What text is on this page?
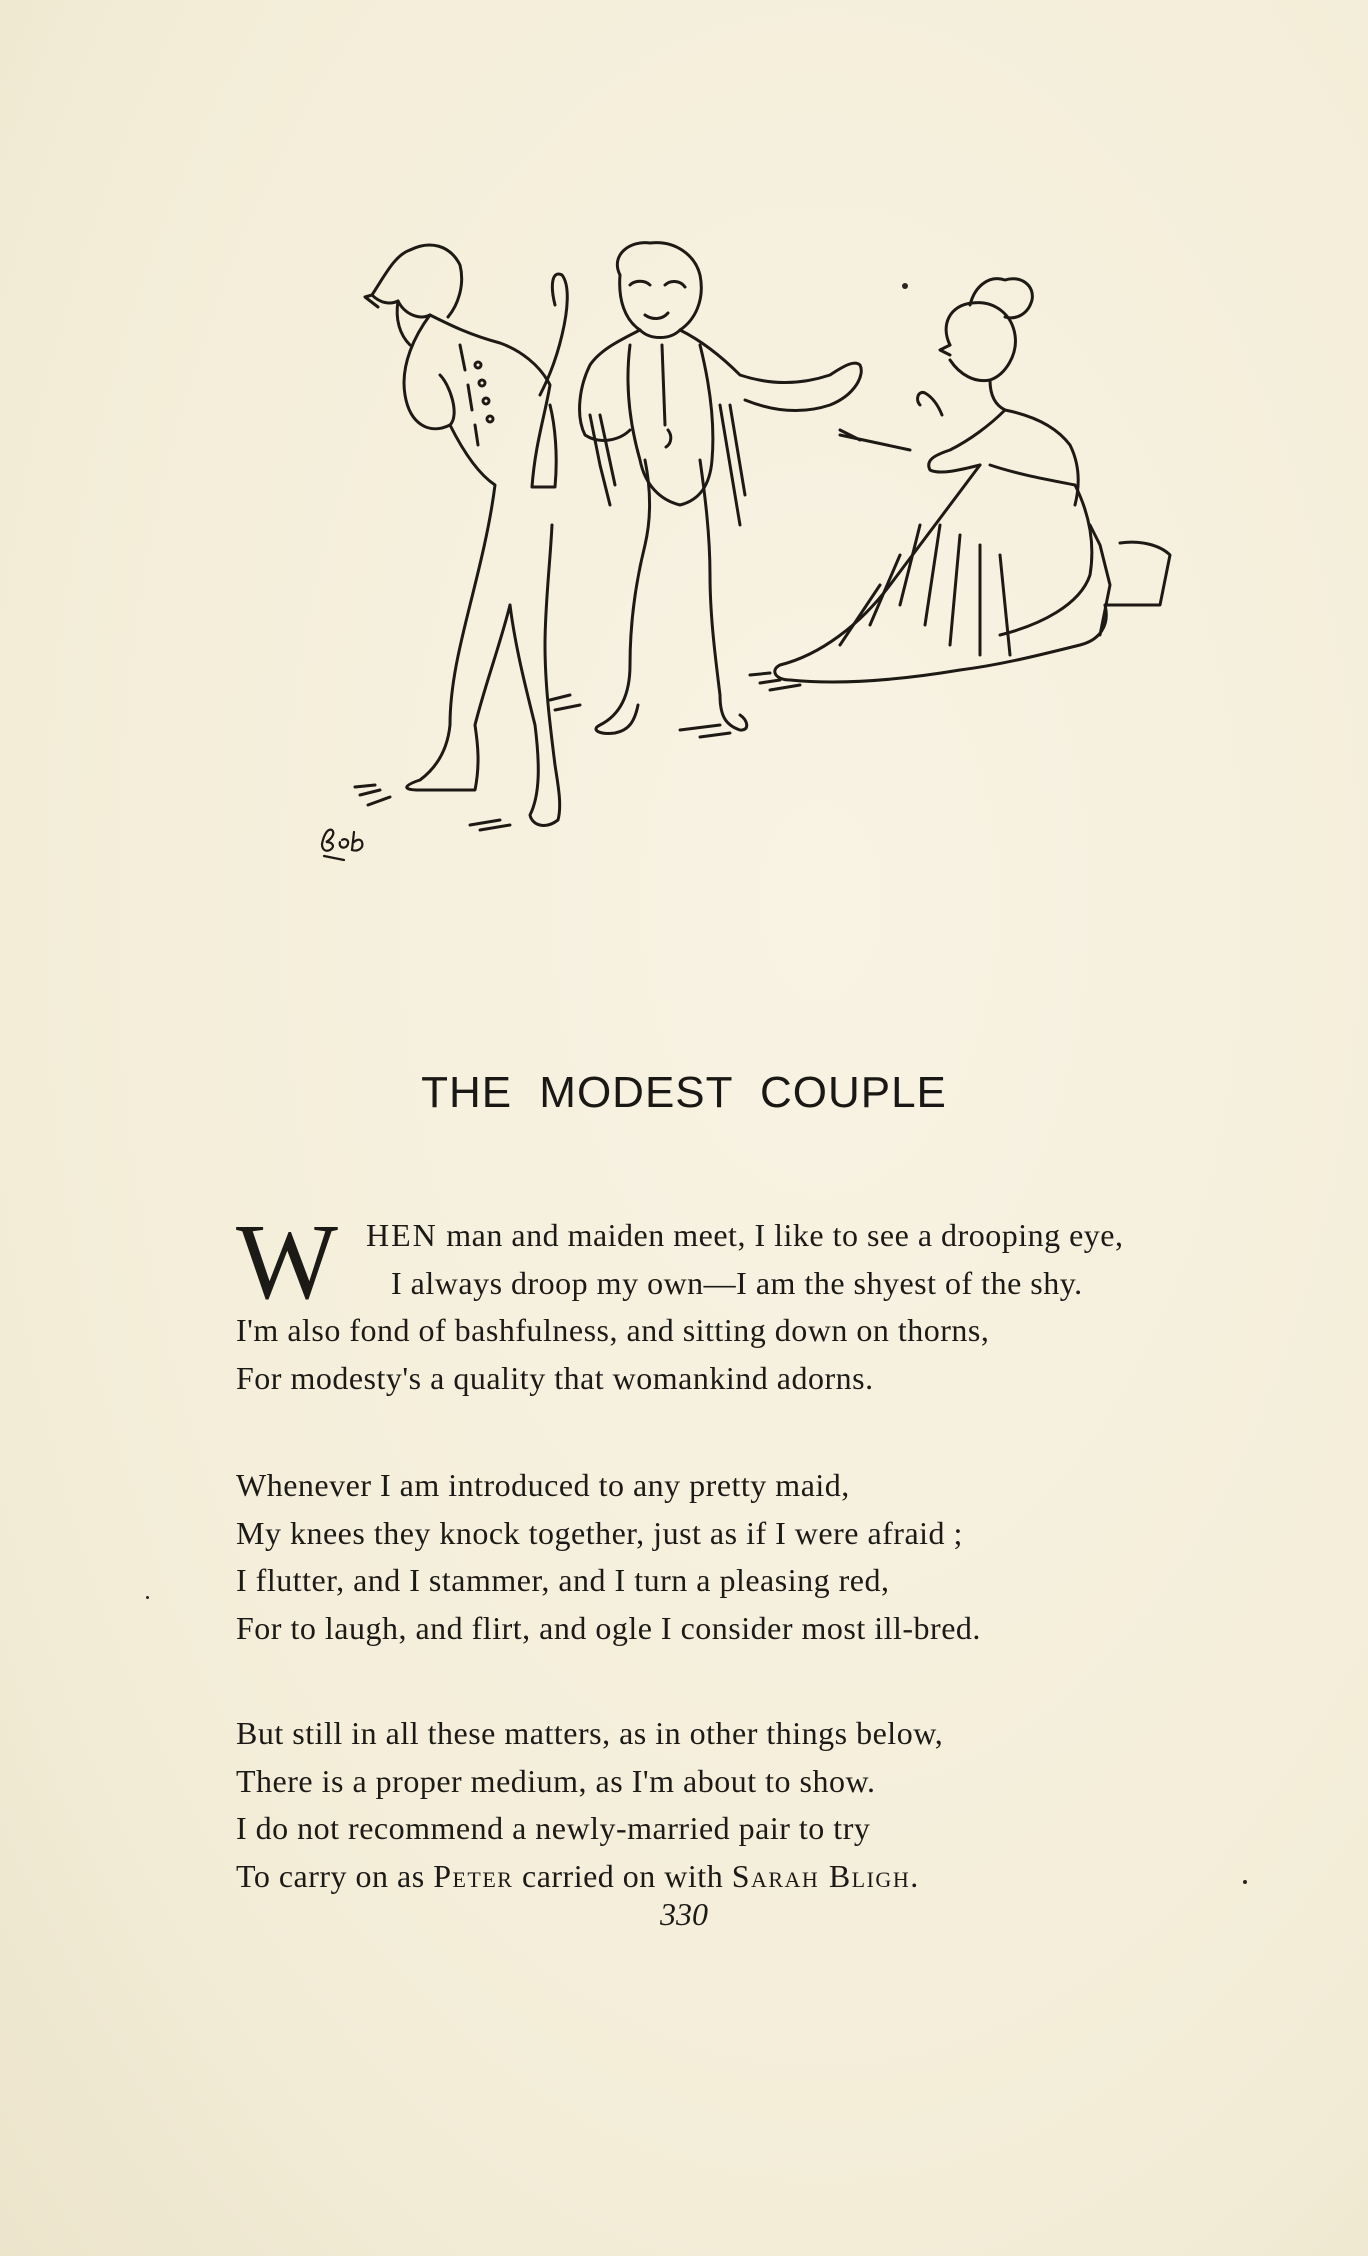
THE MODEST COUPLE
W HEN man and maiden meet, I like to see a drooping eye,
I always droop my own—I am the shyest of the shy.
I'm also fond of bashfulness, and sitting down on thorns,
For modesty's a quality that womankind adorns.
Whenever I am introduced to any pretty maid,
My knees they knock together, just as if I were afraid ;
I flutter, and I stammer, and I turn a pleasing red,
For to laugh, and flirt, and ogle I consider most ill-bred.
But still in all these matters, as in other things below,
There is a proper medium, as I'm about to show.
I do not recommend a newly-married pair to try
To carry on as Peter carried on with Sarah Bligh.
330
